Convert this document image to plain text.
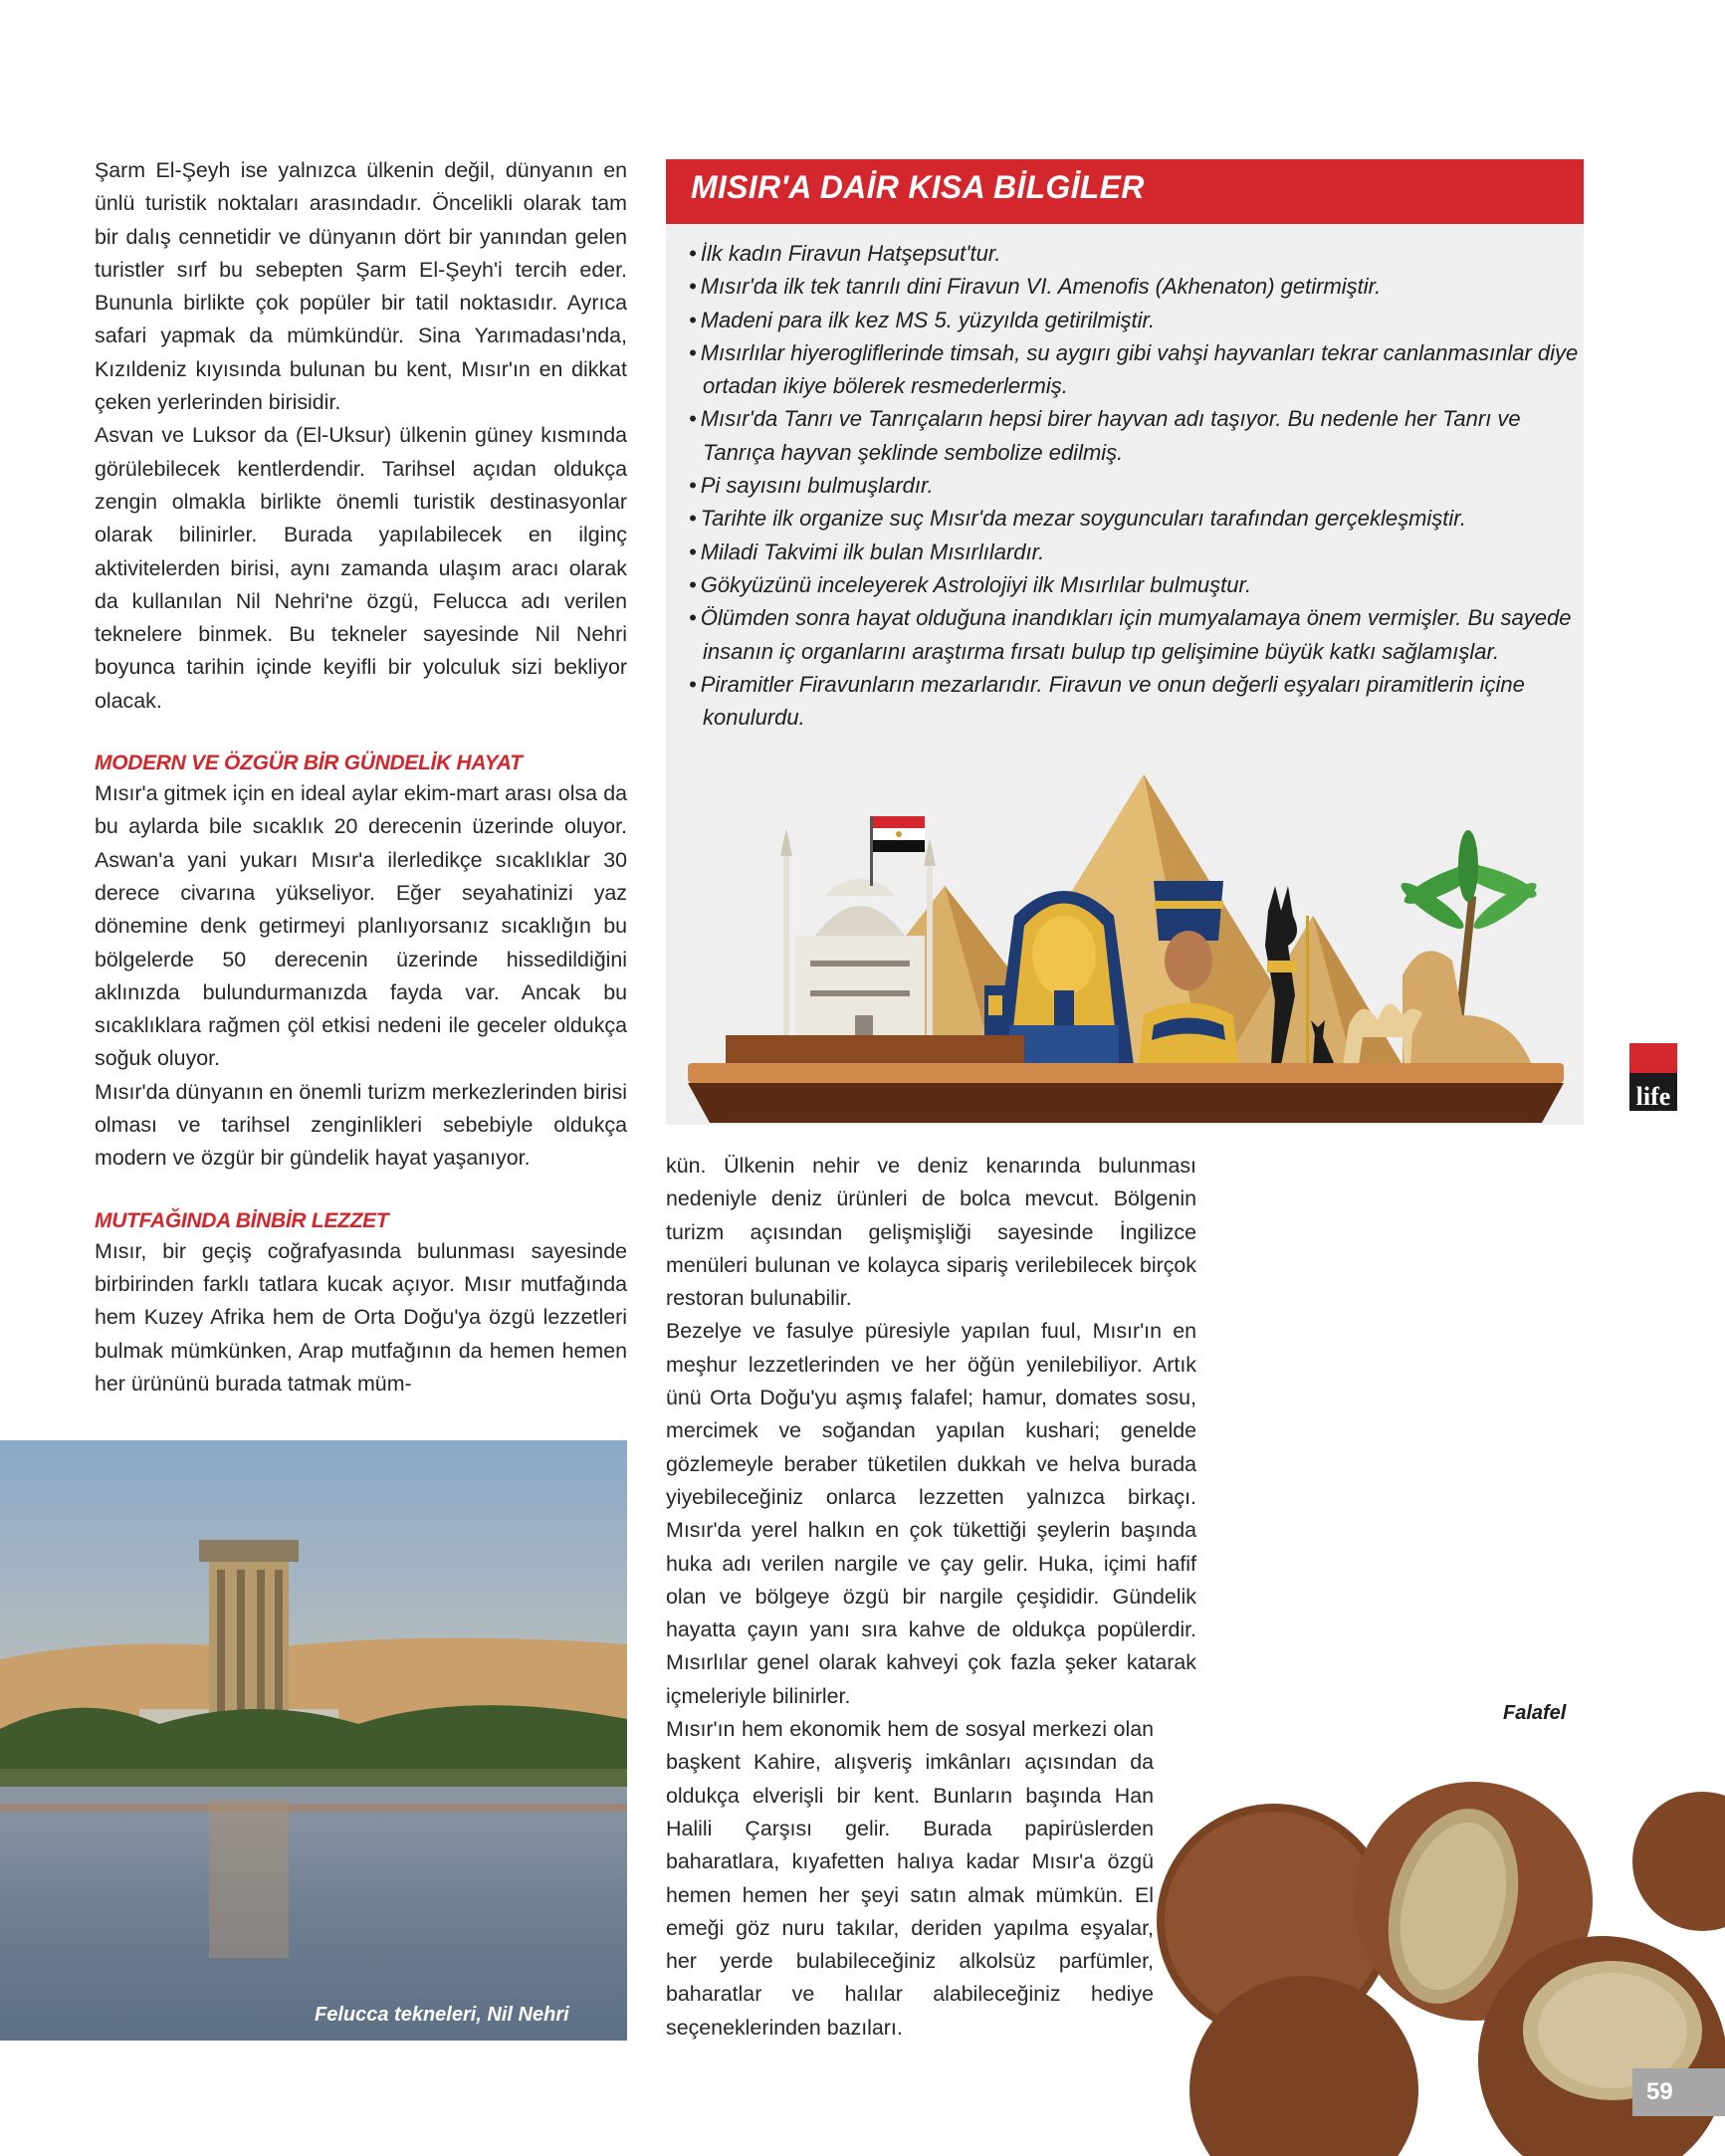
Şarm El-Şeyh ise yalnızca ülkenin değil, dünyanın en ünlü turistik noktaları arasındadır. Öncelikli olarak tam bir dalış cennetidir ve dünyanın dört bir yanından gelen turistler sırf bu sebepten Şarm El-Şeyh'i tercih eder. Bununla birlikte çok popüler bir tatil noktasıdır. Ayrıca safari yapmak da mümkündür. Sina Yarımadası'nda, Kızıldeniz kıyısında bulunan bu kent, Mısır'ın en dikkat çeken yerlerinden birisidir.

Asvan ve Luksor da (El-Uksur) ülkenin güney kısmında görülebilecek kentlerdendir. Tarihsel açıdan oldukça zengin olmakla birlikte önemli turistik destinasyonlar olarak bilinirler. Burada yapılabilecek en ilginç aktivitelerden birisi, aynı zamanda ulaşım aracı olarak da kullanılan Nil Nehri'ne özgü, Felucca adı verilen teknelere binmek. Bu tekneler sayesinde Nil Nehri boyunca tarihin içinde keyifli bir yolculuk sizi bekliyor olacak.

MODERN VE ÖZGÜR BİR GÜNDELİK HAYAT

Mısır'a gitmek için en ideal aylar ekim-mart arası olsa da bu aylarda bile sıcaklık 20 derecenin üzerinde oluyor. Aswan'a yani yukarı Mısır'a ilerledikçe sıcaklıklar 30 derece civarına yükseliyor. Eğer seyahatinizi yaz dönemine denk getirmeyi planlıyorsanız sıcaklığın bu bölgelerde 50 derecenin üzerinde hissedildiğini aklınızda bulundurmanızda fayda var. Ancak bu sıcaklıklara rağmen çöl etkisi nedeni ile geceler oldukça soğuk oluyor.

Mısır'da dünyanın en önemli turizm merkezlerinden birisi olması ve tarihsel zenginlikleri sebebiyle oldukça modern ve özgür bir gündelik hayat yaşanıyor.

MUTFAĞINDA BİNBİR LEZZET

Mısır, bir geçiş coğrafyasında bulunması sayesinde birbirinden farklı tatlara kucak açıyor. Mısır mutfağında hem Kuzey Afrika hem de Orta Doğu'ya özgü lezzetleri bulmak mümkünken, Arap mutfağının da hemen hemen her ürününü burada tatmak müm-

MISIR'A DAİR KISA BİLGİLER
• İlk kadın Firavun Hatşepsut'tur.
• Mısır'da ilk tek tanrılı dini Firavun VI. Amenofis (Akhenaton) getirmiştir.
• Madeni para ilk kez MS 5. yüzyılda getirilmiştir.
• Mısırlılar hiyerogliflerinde timsah, su aygırı gibi vahşi hayvanları tekrar canlanmasınlar diye ortadan ikiye bölerek resmederlermiş.
• Mısır'da Tanrı ve Tanrıçaların hepsi birer hayvan adı taşıyor. Bu nedenle her Tanrı ve Tanrıça hayvan şeklinde sembolize edilmiş.
• Pi sayısını bulmuşlardır.
• Tarihte ilk organize suç Mısır'da mezar soyguncuları tarafından gerçekleşmiştir.
• Miladi Takvimi ilk bulan Mısırlılardır.
• Gökyüzünü inceleyerek Astrolojiyi ilk Mısırlılar bulmuştur.
• Ölümden sonra hayat olduğuna inandıkları için mumyalamaya önem vermişler. Bu sayede insanın iç organlarını araştırma fırsatı bulup tıp gelişimine büyük katkı sağlamışlar.
• Piramitler Firavunların mezarlarıdır. Firavun ve onun değerli eşyaları piramitlerin içine konulurdu.
Felucca tekneleri, Nil Nehri

kün. Ülkenin nehir ve deniz kenarında bulunması nedeniyle deniz ürünleri de bolca mevcut. Bölgenin turizm açısından gelişmişliği sayesinde İngilizce menüleri bulunan ve kolayca sipariş verilebilecek birçok restoran bulunabilir.

Bezelye ve fasulye püresiyle yapılan fuul, Mısır'ın en meşhur lezzetlerinden ve her öğün yenilebiliyor. Artık ünü Orta Doğu'yu aşmış falafel; hamur, domates sosu, mercimek ve soğandan yapılan kushari; genelde gözlemeyle beraber tüketilen dukkah ve helva burada yiyebileceğiniz onlarca lezzetten yalnızca birkaçı. Mısır'da yerel halkın en çok tükettiği şeylerin başında huka adı verilen nargile ve çay gelir. Huka, içimi hafif olan ve bölgeye özgü bir nargile çeşididir. Gündelik hayatta çayın yanı sıra kahve de oldukça popülerdir. Mısırlılar genel olarak kahveyi çok fazla şeker katarak içmeleriyle bilinirler.

Mısır'ın hem ekonomik hem de sosyal merkezi olan başkent Kahire, alışveriş imkânları açısından da oldukça elverişli bir kent. Bunların başında Han Halili Çarşısı gelir. Burada papirüslerden baharatlara, kıyafetten halıya kadar Mısır'a özgü hemen hemen her şeyi satın almak mümkün. El emeği göz nuru takılar, deriden yapılma eşyalar, her yerde bulabileceğiniz alkolsüz parfümler, baharatlar ve halılar alabileceğiniz hediye seçeneklerinden bazıları.

Falafel
life
59
